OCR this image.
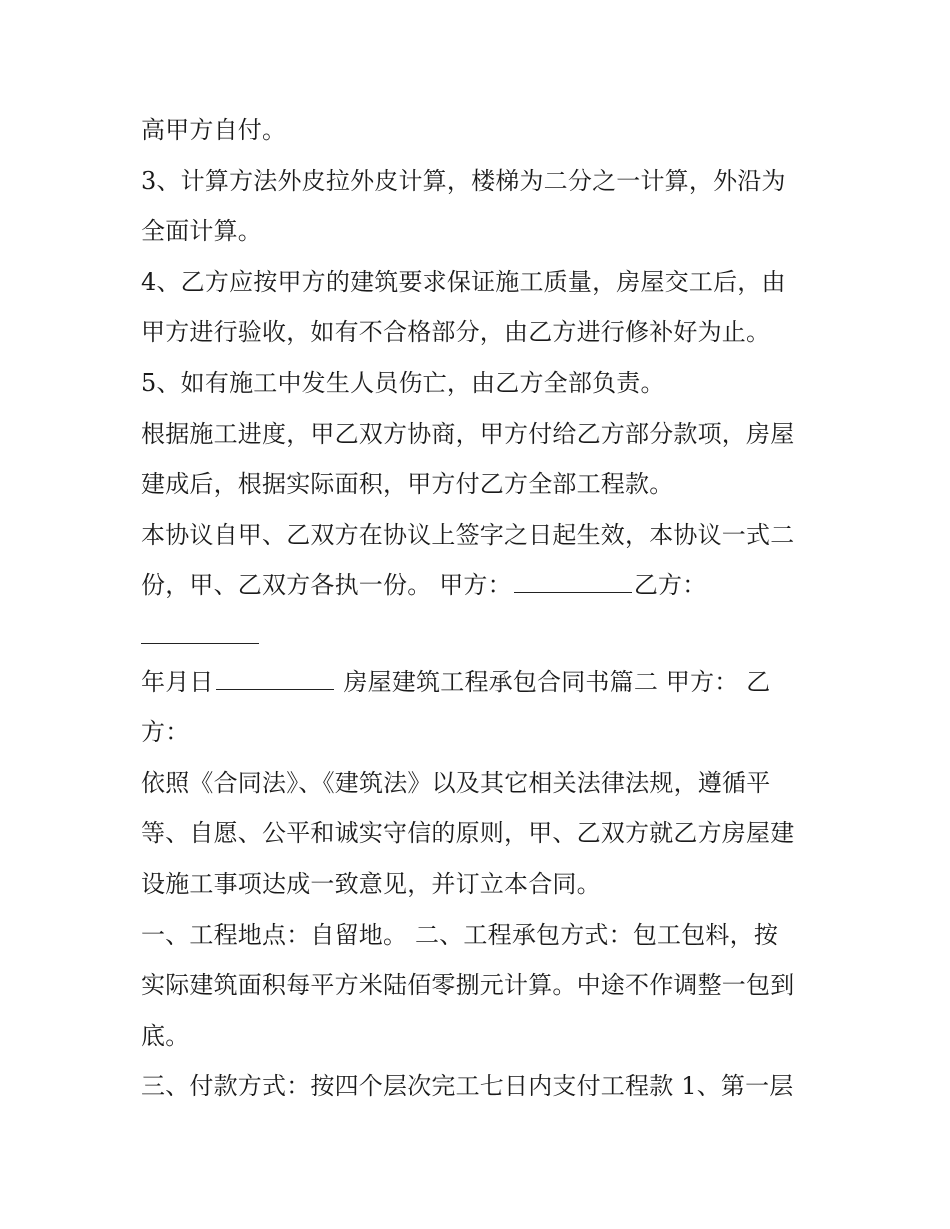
高甲方自付。
3、计算方法外皮拉外皮计算，楼梯为二分之一计算，外沿为
全面计算。
4、乙方应按甲方的建筑要求保证施工质量，房屋交工后，由
甲方进行验收，如有不合格部分，由乙方进行修补好为止。
5、如有施工中发生人员伤亡，由乙方全部负责。
根据施工进度，甲乙双方协商，甲方付给乙方部分款项，房屋
建成后，根据实际面积，甲方付乙方全部工程款。
本协议自甲、乙双方在协议上签字之日起生效，本协议一式二
份，甲、乙双方各执一份。 甲方：	乙方：
年月日	房屋建筑工程承包合同书篇二 甲方： 乙
方：
依照《合同法》、《建筑法》以及其它相关法律法规，遵循平
等、自愿、公平和诚实守信的原则，甲、乙双方就乙方房屋建
设施工事项达成一致意见，并订立本合同。
一、工程地点：自留地。 二、工程承包方式：包工包料，按
实际建筑面积每平方米陆佰零捌元计算。中途不作调整一包到
底。
三、付款方式：按四个层次完工七日内支付工程款 1、第一层
